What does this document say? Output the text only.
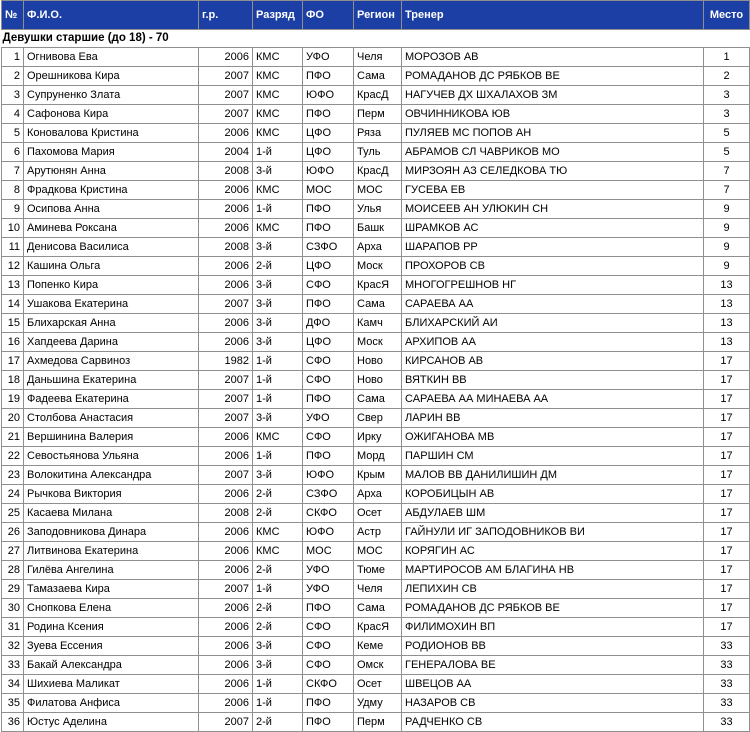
№	Ф.И.О.	г.р.	Разряд	ФО	Регион	Тренер	Место
Девушки старшие (до 18) - 70							
1	Огнивова Ева	2006	КМС	УФО	Челя	МОРОЗОВ АВ	1
2	Орешникова Кира	2007	КМС	ПФО	Сама	РОМАДАНОВ ДС РЯБКОВ ВЕ	2
3	Супруненко Злата	2007	КМС	ЮФО	КрасД	НАГУЧЕВ ДХ ШХАЛАХОВ ЗМ	3
4	Сафонова Кира	2007	КМС	ПФО	Перм	ОВЧИННИКОВА ЮВ	3
5	Коновалова Кристина	2006	КМС	ЦФО	Ряза	ПУЛЯЕВ МС ПОПОВ АН	5
6	Пахомова Мария	2004	1-й	ЦФО	Туль	АБРАМОВ СЛ ЧАВРИКОВ МО	5
7	Арутюнян Анна	2008	3-й	ЮФО	КрасД	МИРЗОЯН АЗ СЕЛЕДКОВА ТЮ	7
8	Фрадкова Кристина	2006	КМС	МОС	МОС	ГУСЕВА ЕВ	7
9	Осипова Анна	2006	1-й	ПФО	Улья	МОИСЕЕВ АН УЛЮКИН СН	9
10	Аминева Роксана	2006	КМС	ПФО	Башк	ШРАМКОВ АС	9
11	Денисова Василиса	2008	3-й	СЗФО	Арха	ШАРАПОВ РР	9
12	Кашина Ольга	2006	2-й	ЦФО	Моск	ПРОХОРОВ СВ	9
13	Попенко Кира	2006	3-й	СФО	КрасЯ	МНОГОГРЕШНОВ НГ	13
14	Ушакова Екатерина	2007	3-й	ПФО	Сама	САРАЕВА АА	13
15	Блихарская Анна	2006	3-й	ДФО	Камч	БЛИХАРСКИЙ АИ	13
16	Хапдеева Дарина	2006	3-й	ЦФО	Моск	АРХИПОВ АА	13
17	Ахмедова Сарвиноз	1982	1-й	СФО	Ново	КИРСАНОВ АВ	17
18	Даньшина Екатерина	2007	1-й	СФО	Ново	ВЯТКИН ВВ	17
19	Фадеева Екатерина	2007	1-й	ПФО	Сама	САРАЕВА АА МИНАЕВА АА	17
20	Столбова Анастасия	2007	3-й	УФО	Свер	ЛАРИН ВВ	17
21	Вершинина Валерия	2006	КМС	СФО	Ирку	ОЖИГАНОВА МВ	17
22	Севостьянова Ульяна	2006	1-й	ПФО	Морд	ПАРШИН СМ	17
23	Волокитина Александра	2007	3-й	ЮФО	Крым	МАЛОВ ВВ ДАНИЛИШИН ДМ	17
24	Рычкова Виктория	2006	2-й	СЗФО	Арха	КОРОБИЦЫН АВ	17
25	Касаева Милана	2008	2-й	СКФО	Осет	АБДУЛАЕВ ШМ	17
26	Заподовникова Динара	2006	КМС	ЮФО	Астр	ГАЙНУЛИ ИГ ЗАПОДОВНИКОВ ВИ	17
27	Литвинова Екатерина	2006	КМС	МОС	МОС	КОРЯГИН АС	17
28	Гилёва Ангелина	2006	2-й	УФО	Тюме	МАРТИРОСОВ АМ БЛАГИНА НВ	17
29	Тамазаева Кира	2007	1-й	УФО	Челя	ЛЕПИХИН СВ	17
30	Снопкова Елена	2006	2-й	ПФО	Сама	РОМАДАНОВ ДС РЯБКОВ ВЕ	17
31	Родина Ксения	2006	2-й	СФО	КрасЯ	ФИЛИМОХИН ВП	17
32	Зуева Ессения	2006	3-й	СФО	Кеме	РОДИОНОВ ВВ	33
33	Бакай Александра	2006	3-й	СФО	Омск	ГЕНЕРАЛОВА ВЕ	33
34	Шихиева Маликат	2006	1-й	СКФО	Осет	ШВЕЦОВ АА	33
35	Филатова Анфиса	2006	1-й	ПФО	Удму	НАЗАРОВ СВ	33
36	Юстус Аделина	2007	2-й	ПФО	Перм	РАДЧЕНКО СВ	33
